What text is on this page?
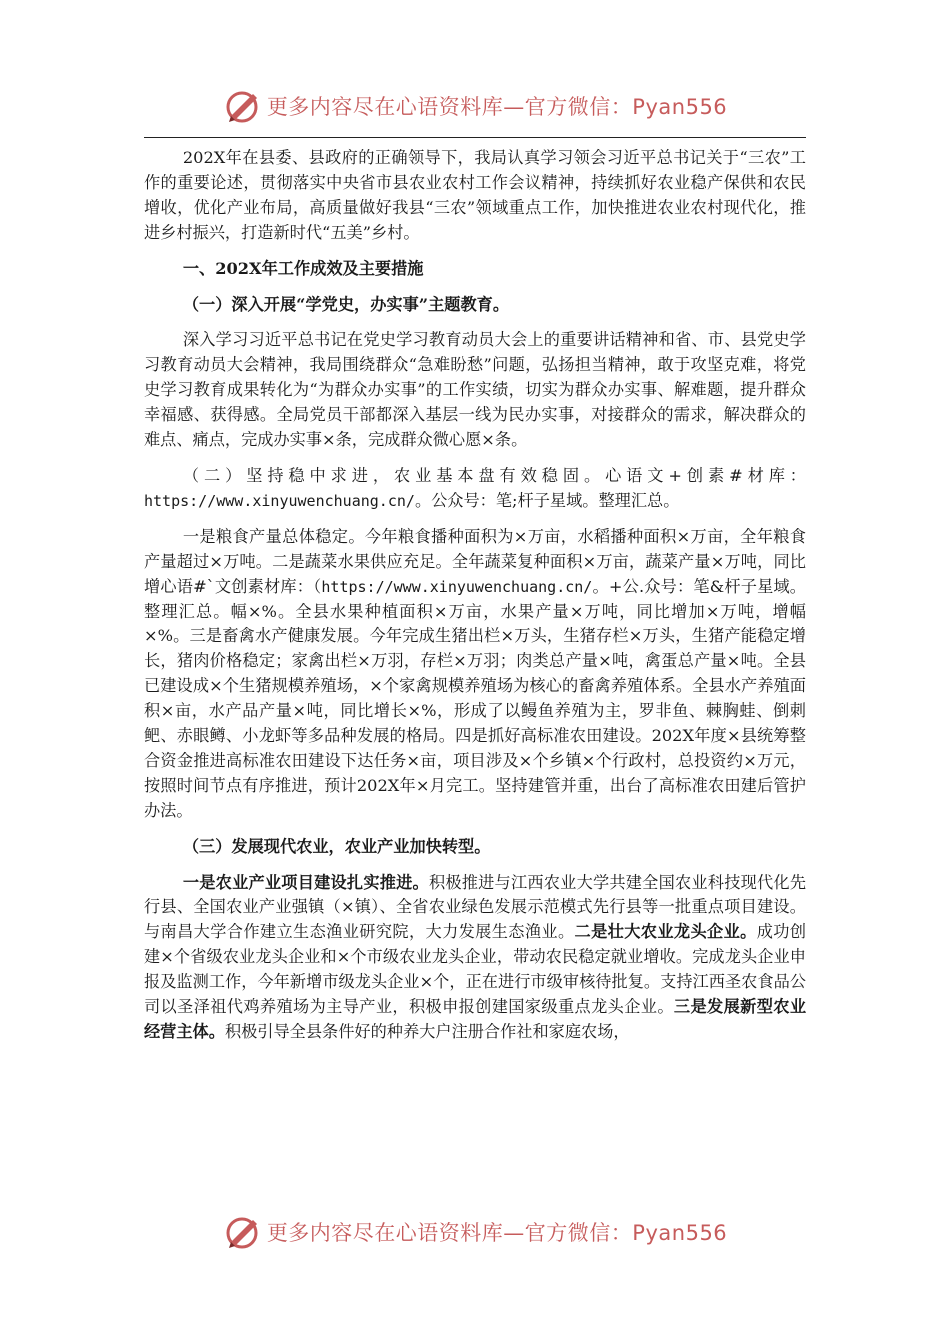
更多内容尽在心语资料库—官方微信：Pyan556

202X年在县委、县政府的正确领导下，我局认真学习领会习近平总书记关于“三农”工作的重要论述，贯彻落实中央省市县农业农村工作会议精神，持续抓好农业稳产保供和农民增收，优化产业布局，高质量做好我县“三农”领域重点工作，加快推进农业农村现代化，推进乡村振兴，打造新时代“五美”乡村。

一、202X年工作成效及主要措施

（一）深入开展“学党史，办实事”主题教育。

深入学习习近平总书记在党史学习教育动员大会上的重要讲话精神和省、市、县党史学习教育动员大会精神，我局围绕群众“急难盼愁”问题，弘扬担当精神，敢于攻坚克难，将党史学习教育成果转化为“为群众办实事”的工作实绩，切实为群众办实事、解难题，提升群众幸福感、获得感。全局党员干部都深入基层一线为民办实事，对接群众的需求，解决群众的难点、痛点，完成办实事×条，完成群众微心愿×条。

（二）坚持稳中求进，农业基本盘有效稳固。心语文+创素#材库：https://www.xinyuwenchuang.cn/。公众号：笔;杆子星域。整理汇总。

一是粮食产量总体稳定。今年粮食播种面积为×万亩，水稻播种面积×万亩，全年粮食产量超过×万吨。二是蔬菜水果供应充足。全年蔬菜复种面积×万亩，蔬菜产量×万吨，同比增心语#`文创素材库：（https://www.xinyuwenchuang.cn/。+公.众号：笔&杆子星域。整理汇总。幅×%。全县水果种植面积×万亩，水果产量×万吨，同比增加×万吨，增幅×%。三是畜禽水产健康发展。今年完成生猪出栏×万头，生猪存栏×万头，生猪产能稳定增长，猪肉价格稳定；家禽出栏×万羽，存栏×万羽；肉类总产量×吨，禽蛋总产量×吨。全县已建设成×个生猪规模养殖场，×个家禽规模养殖场为核心的畜禽养殖体系。全县水产养殖面积×亩，水产品产量×吨，同比增长×%，形成了以鳗鱼养殖为主，罗非鱼、棘胸蛙、倒刺鲃、赤眼鳟、小龙虾等多品种发展的格局。四是抓好高标准农田建设。202X年度×县统筹整合资金推进高标准农田建设下达任务×亩，项目涉及×个乡镇×个行政村，总投资约×万元，按照时间节点有序推进，预计202X年×月完工。坚持建管并重，出台了高标准农田建后管护办法。

（三）发展现代农业，农业产业加快转型。

一是农业产业项目建设扎实推进。积极推进与江西农业大学共建全国农业科技现代化先行县、全国农业产业强镇（×镇）、全省农业绿色发展示范模式先行县等一批重点项目建设。与南昌大学合作建立生态渔业研究院，大力发展生态渔业。二是壮大农业龙头企业。成功创建×个省级农业龙头企业和×个市级农业龙头企业，带动农民稳定就业增收。完成龙头企业申报及监测工作，今年新增市级龙头企业×个，正在进行市级审核待批复。支持江西圣农食品公司以圣泽祖代鸡养殖场为主导产业，积极申报创建国家级重点龙头企业。三是发展新型农业经营主体。积极引导全县条件好的种养大户注册合作社和家庭农场，

更多内容尽在心语资料库—官方微信：Pyan556
